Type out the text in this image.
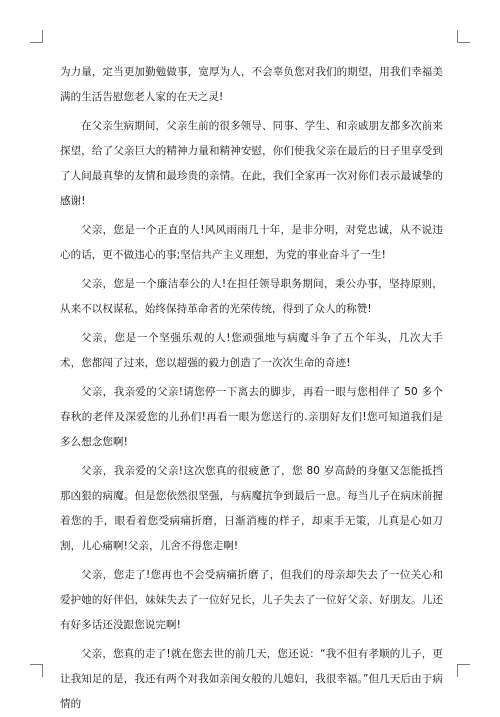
为力量，定当更加勤勉做事，宽厚为人，不会辜负您对我们的期望，用我们幸福美满的生活告慰您老人家的在天之灵!

在父亲生病期间，父亲生前的很多领导、同事、学生、和亲戚朋友都多次前来探望，给了父亲巨大的精神力量和精神安慰，你们使我父亲在最后的日子里享受到了人间最真挚的友情和最珍贵的亲情。在此，我们全家再一次对你们表示最诚挚的感谢!

父亲，您是一个正直的人!风风雨雨几十年，是非分明，对党忠诚，从不说违心的话，更不做违心的事;坚信共产主义理想，为党的事业奋斗了一生!

父亲，您是一个廉洁奉公的人!在担任领导职务期间，秉公办事，坚持原则，从来不以权谋私，始终保持革命者的光荣传统，得到了众人的称赞!

父亲，您是一个坚强乐观的人!您顽强地与病魔斗争了五个年头，几次大手术，您都闯了过来，您以超强的毅力创造了一次次生命的奇迹!

父亲，我亲爱的父亲!请您停一下离去的脚步，再看一眼与您相伴了 50 多个春秋的老伴及深爱您的儿孙们!再看一眼为您送行的.亲朋好友们!您可知道我们是多么想念您啊!

父亲，我亲爱的父亲!这次您真的很疲惫了，您 80 岁高龄的身躯又怎能抵挡那凶狠的病魔。但是您依然很坚强，与病魔抗争到最后一息。每当儿子在病床前握着您的手，眼看着您受病痛折磨，日渐消瘦的样子，却束手无策，儿真是心如刀割，儿心痛啊!父亲，儿舍不得您走啊!

父亲，您走了!您再也不会受病痛折磨了，但我们的母亲却失去了一位关心和爱护她的好伴侣，妹妹失去了一位好兄长，儿子失去了一位好父亲、好朋友。儿还有好多话还没跟您说完啊!

父亲，您真的走了!就在您去世的前几天，您还说：“我不但有孝顺的儿子，更让我知足的是，我还有两个对我如亲闺女般的儿媳妇，我很幸福。”但几天后由于病情的
